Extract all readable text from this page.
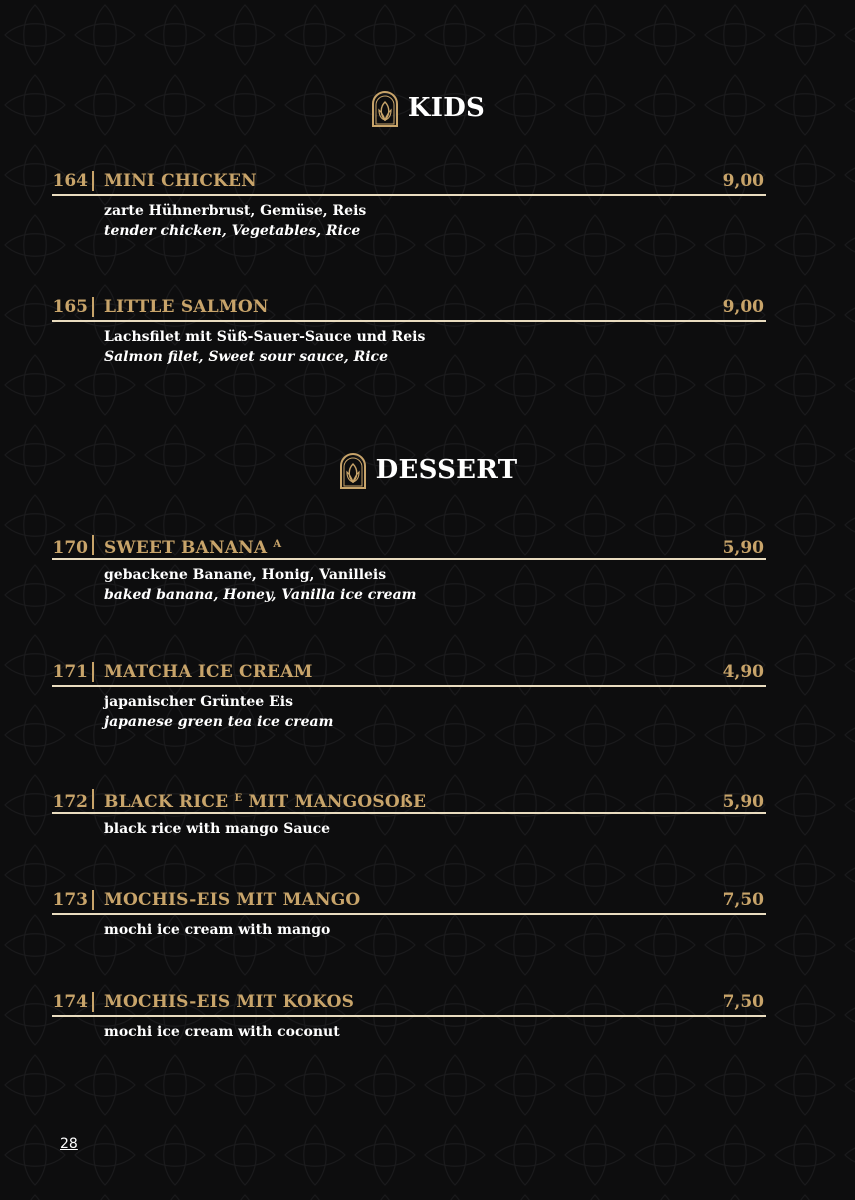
KIDS
164 MINI CHICKEN	9,00
zarte Hühnerbrust, Gemüse, Reis
tender chicken, Vegetables, Rice
165 LITTLE SALMON	9,00
Lachsfilet mit Süß-Sauer-Sauce und Reis
Salmon filet, Sweet sour sauce, Rice
DESSERT
170 SWEET BANANA $^A$	5,90
gebackene Banane, Honig, Vanilleis
baked banana, Honey, Vanilla ice cream
171 MATCHA ICE CREAM	4,90
japanischer Grüntee Eis
japanese green tea ice cream
172 BLACK RICE $^E$ MIT MANGOSOßE	5,90
black rice with mango Sauce
173 MOCHIS-EIS MIT MANGO	7,50
mochi ice cream with mango
174 MOCHIS-EIS MIT KOKOS	7,50
mochi ice cream with coconut
28
